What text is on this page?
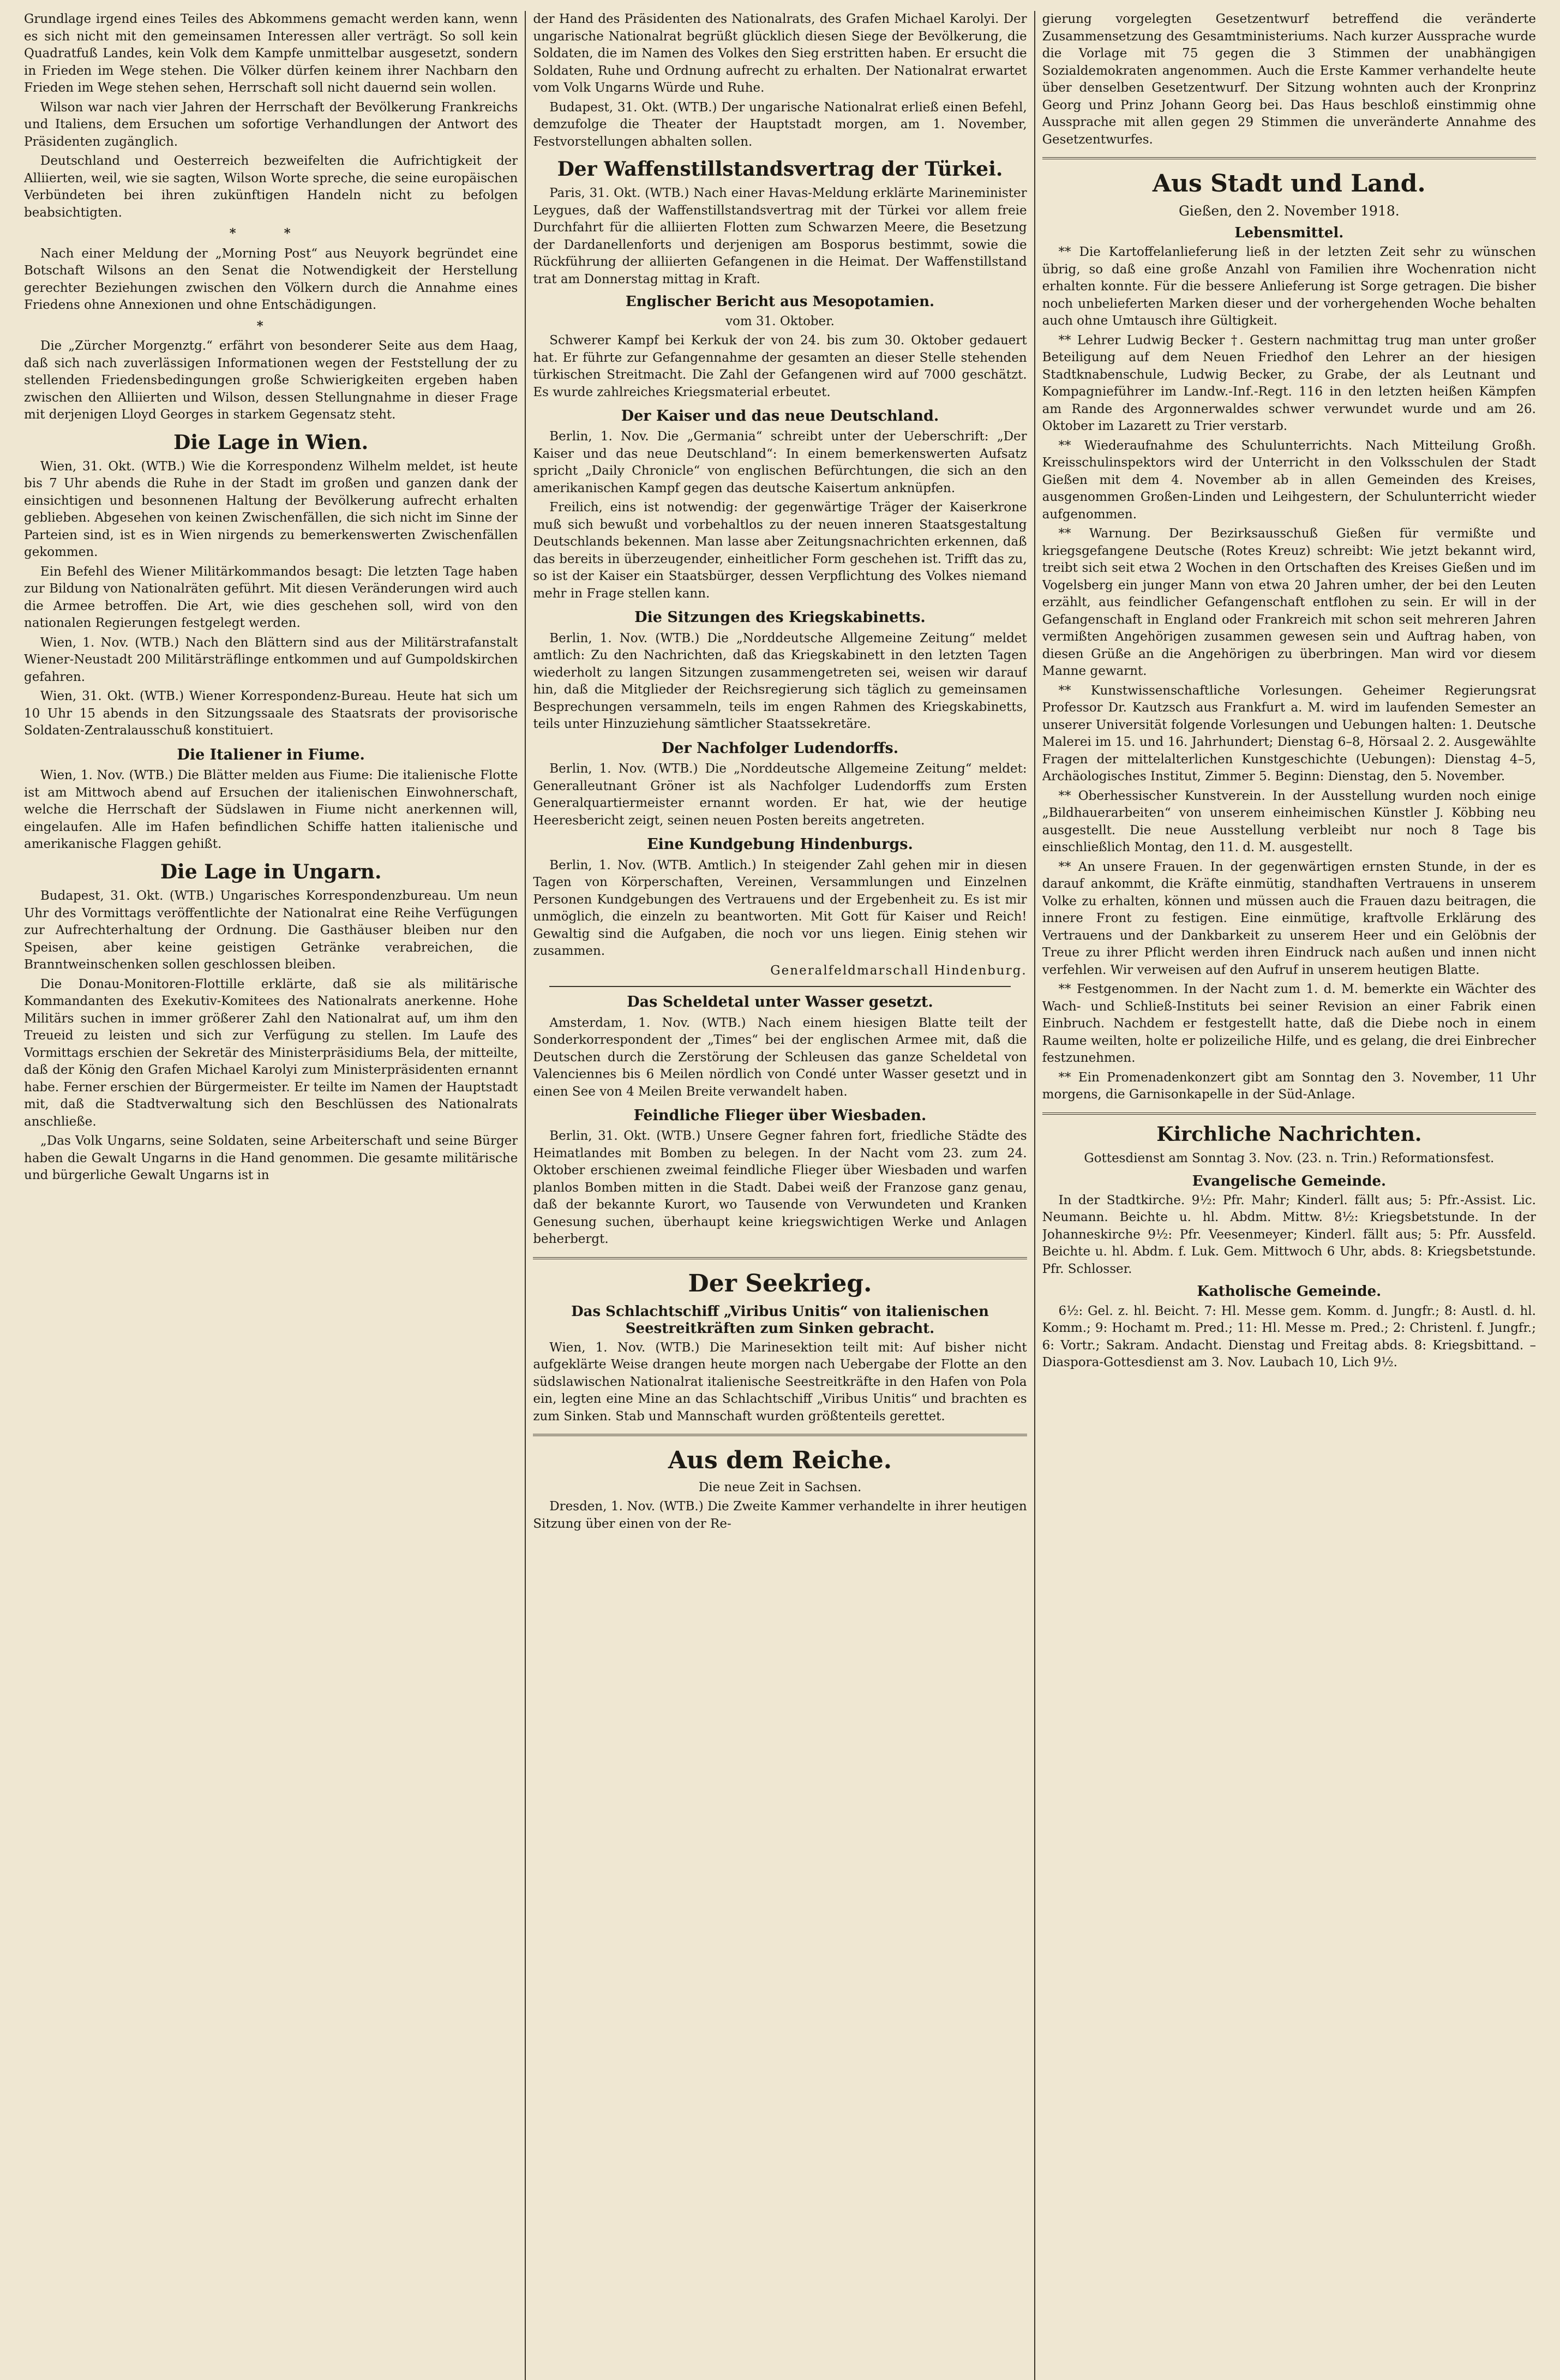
Grundlage irgend eines Teiles des Abkommens gemacht werden kann, wenn es sich nicht mit den gemeinsamen Interessen aller verträgt. So soll kein Quadratfuß Landes, kein Volk dem Kampfe unmittelbar ausgesetzt, sondern in Frieden im Wege stehen. Die Völker dürfen keinem ihrer Nachbarn den Frieden im Wege stehen sehen, Herrschaft soll nicht dauernd sein wollen.

Wilson war nach vier Jahren der Herrschaft der Bevölkerung Frankreichs und Italiens, dem Ersuchen um sofortige Verhandlungen der Antwort des Präsidenten zugänglich.

Deutschland und Oesterreich bezweifelten die Aufrichtigkeit der Alliierten, weil, wie sie sagten, Wilson Worte spreche, die seine europäischen Verbündeten bei ihren zukünftigen Handeln nicht zu befolgen beabsichtigten.

* *

Nach einer Meldung der „Morning Post“ aus Neuyork begründet eine Botschaft Wilsons an den Senat die Notwendigkeit der Herstellung gerechter Beziehungen zwischen den Völkern durch die Annahme eines Friedens ohne Annexionen und ohne Entschädigungen.

*

Die „Zürcher Morgenztg.“ erfährt von besonderer Seite aus dem Haag, daß sich nach zuverlässigen Informationen wegen der Feststellung der zu stellenden Friedensbedingungen große Schwierigkeiten ergeben haben zwischen den Alliierten und Wilson, dessen Stellungnahme in dieser Frage mit derjenigen Lloyd Georges in starkem Gegensatz steht.

Die Lage in Wien.

Wien, 31. Okt. (WTB.) Wie die Korrespondenz Wilhelm meldet, ist heute bis 7 Uhr abends die Ruhe in der Stadt im großen und ganzen dank der einsichtigen und besonnenen Haltung der Bevölkerung aufrecht erhalten geblieben. Abgesehen von keinen Zwischenfällen, die sich nicht im Sinne der Parteien sind, ist es in Wien nirgends zu bemerkenswerten Zwischenfällen gekommen.

Ein Befehl des Wiener Militärkommandos besagt: Die letzten Tage haben zur Bildung von Nationalräten geführt. Mit diesen Veränderungen wird auch die Armee betroffen. Die Art, wie dies geschehen soll, wird von den nationalen Regierungen festgelegt werden.

Wien, 1. Nov. (WTB.) Nach den Blättern sind aus der Militärstrafanstalt Wiener-Neustadt 200 Militärsträflinge entkommen und auf Gumpoldskirchen gefahren.

Wien, 31. Okt. (WTB.) Wiener Korrespondenz-Bureau. Heute hat sich um 10 Uhr 15 abends in den Sitzungssaale des Staatsrats der provisorische Soldaten-Zentralausschuß konstituiert.

Die Italiener in Fiume.

Wien, 1. Nov. (WTB.) Die Blätter melden aus Fiume: Die italienische Flotte ist am Mittwoch abend auf Ersuchen der italienischen Einwohnerschaft, welche die Herrschaft der Südslawen in Fiume nicht anerkennen will, eingelaufen. Alle im Hafen befindlichen Schiffe hatten italienische und amerikanische Flaggen gehißt.

Die Lage in Ungarn.

Budapest, 31. Okt. (WTB.) Ungarisches Korrespondenzbureau. Um neun Uhr des Vormittags veröffentlichte der Nationalrat eine Reihe Verfügungen zur Aufrechterhaltung der Ordnung. Die Gasthäuser bleiben nur den Speisen, aber keine geistigen Getränke verabreichen, die Branntweinschenken sollen geschlossen bleiben.

Die Donau-Monitoren-Flottille erklärte, daß sie als militärische Kommandanten des Exekutiv-Komitees des Nationalrats anerkenne. Hohe Militärs suchen in immer größerer Zahl den Nationalrat auf, um ihm den Treueid zu leisten und sich zur Verfügung zu stellen. Im Laufe des Vormittags erschien der Sekretär des Ministerpräsidiums Bela, der mitteilte, daß der König den Grafen Michael Karolyi zum Ministerpräsidenten ernannt habe. Ferner erschien der Bürgermeister. Er teilte im Namen der Hauptstadt mit, daß die Stadtverwaltung sich den Beschlüssen des Nationalrats anschließe.

„Das Volk Ungarns, seine Soldaten, seine Arbeiterschaft und seine Bürger haben die Gewalt Ungarns in die Hand genommen. Die gesamte militärische und bürgerliche Gewalt Ungarns ist in

der Hand des Präsidenten des Nationalrats, des Grafen Michael Karolyi. Der ungarische Nationalrat begrüßt glücklich diesen Siege der Bevölkerung, die Soldaten, die im Namen des Volkes den Sieg erstritten haben. Er ersucht die Soldaten, Ruhe und Ordnung aufrecht zu erhalten. Der Nationalrat erwartet vom Volk Ungarns Würde und Ruhe.

Budapest, 31. Okt. (WTB.) Der ungarische Nationalrat erließ einen Befehl, demzufolge die Theater der Hauptstadt morgen, am 1. November, Festvorstellungen abhalten sollen.

Der Waffenstillstandsvertrag der Türkei.

Paris, 31. Okt. (WTB.) Nach einer Havas-Meldung erklärte Marineminister Leygues, daß der Waffenstillstandsvertrag mit der Türkei vor allem freie Durchfahrt für die alliierten Flotten zum Schwarzen Meere, die Besetzung der Dardanellenforts und derjenigen am Bosporus bestimmt, sowie die Rückführung der alliierten Gefangenen in die Heimat. Der Waffenstillstand trat am Donnerstag mittag in Kraft.

Englischer Bericht aus Mesopotamien.

vom 31. Oktober.

Schwerer Kampf bei Kerkuk der von 24. bis zum 30. Oktober gedauert hat. Er führte zur Gefangennahme der gesamten an dieser Stelle stehenden türkischen Streitmacht. Die Zahl der Gefangenen wird auf 7000 geschätzt. Es wurde zahlreiches Kriegsmaterial erbeutet.

Der Kaiser und das neue Deutschland.

Berlin, 1. Nov. Die „Germania“ schreibt unter der Ueberschrift: „Der Kaiser und das neue Deutschland“: In einem bemerkenswerten Aufsatz spricht „Daily Chronicle“ von englischen Befürchtungen, die sich an den amerikanischen Kampf gegen das deutsche Kaisertum anknüpfen.

Freilich, eins ist notwendig: der gegenwärtige Träger der Kaiserkrone muß sich bewußt und vorbehaltlos zu der neuen inneren Staatsgestaltung Deutschlands bekennen. Man lasse aber Zeitungsnachrichten erkennen, daß das bereits in überzeugender, einheitlicher Form geschehen ist. Trifft das zu, so ist der Kaiser ein Staatsbürger, dessen Verpflichtung des Volkes niemand mehr in Frage stellen kann.

Die Sitzungen des Kriegskabinetts.

Berlin, 1. Nov. (WTB.) Die „Norddeutsche Allgemeine Zeitung“ meldet amtlich: Zu den Nachrichten, daß das Kriegskabinett in den letzten Tagen wiederholt zu langen Sitzungen zusammengetreten sei, weisen wir darauf hin, daß die Mitglieder der Reichsregierung sich täglich zu gemeinsamen Besprechungen versammeln, teils im engen Rahmen des Kriegskabinetts, teils unter Hinzuziehung sämtlicher Staatssekretäre.

Der Nachfolger Ludendorffs.

Berlin, 1. Nov. (WTB.) Die „Norddeutsche Allgemeine Zeitung“ meldet: Generalleutnant Gröner ist als Nachfolger Ludendorffs zum Ersten Generalquartiermeister ernannt worden. Er hat, wie der heutige Heeresbericht zeigt, seinen neuen Posten bereits angetreten.

Eine Kundgebung Hindenburgs.

Berlin, 1. Nov. (WTB. Amtlich.) In steigender Zahl gehen mir in diesen Tagen von Körperschaften, Vereinen, Versammlungen und Einzelnen Personen Kundgebungen des Vertrauens und der Ergebenheit zu. Es ist mir unmöglich, die einzeln zu beantworten. Mit Gott für Kaiser und Reich! Gewaltig sind die Aufgaben, die noch vor uns liegen. Einig stehen wir zusammen.

Generalfeldmarschall Hindenburg.
Das Scheldetal unter Wasser gesetzt.

Amsterdam, 1. Nov. (WTB.) Nach einem hiesigen Blatte teilt der Sonderkorrespondent der „Times“ bei der englischen Armee mit, daß die Deutschen durch die Zerstörung der Schleusen das ganze Scheldetal von Valenciennes bis 6 Meilen nördlich von Condé unter Wasser gesetzt und in einen See von 4 Meilen Breite verwandelt haben.

Feindliche Flieger über Wiesbaden.

Berlin, 31. Okt. (WTB.) Unsere Gegner fahren fort, friedliche Städte des Heimatlandes mit Bomben zu belegen. In der Nacht vom 23. zum 24. Oktober erschienen zweimal feindliche Flieger über Wiesbaden und warfen planlos Bomben mitten in die Stadt. Dabei weiß der Franzose ganz genau, daß der bekannte Kurort, wo Tausende von Verwundeten und Kranken Genesung suchen, überhaupt keine kriegswichtigen Werke und Anlagen beherbergt.

Der Seekrieg.
Das Schlachtschiff „Viribus Unitis“ von italienischen Seestreitkräften zum Sinken gebracht.

Wien, 1. Nov. (WTB.) Die Marinesektion teilt mit: Auf bisher nicht aufgeklärte Weise drangen heute morgen nach Uebergabe der Flotte an den südslawischen Nationalrat italienische Seestreitkräfte in den Hafen von Pola ein, legten eine Mine an das Schlachtschiff „Viribus Unitis“ und brachten es zum Sinken. Stab und Mannschaft wurden größtenteils gerettet.

Aus dem Reiche.

Die neue Zeit in Sachsen.

Dresden, 1. Nov. (WTB.) Die Zweite Kammer verhandelte in ihrer heutigen Sitzung über einen von der Re-

gierung vorgelegten Gesetzentwurf betreffend die veränderte Zusammensetzung des Gesamtministeriums. Nach kurzer Aussprache wurde die Vorlage mit 75 gegen die 3 Stimmen der unabhängigen Sozialdemokraten angenommen. Auch die Erste Kammer verhandelte heute über denselben Gesetzentwurf. Der Sitzung wohnten auch der Kronprinz Georg und Prinz Johann Georg bei. Das Haus beschloß einstimmig ohne Aussprache mit allen gegen 29 Stimmen die unveränderte Annahme des Gesetzentwurfes.

Aus Stadt und Land.
Gießen, den 2. November 1918.
Lebensmittel.

** Die Kartoffelanlieferung ließ in der letzten Zeit sehr zu wünschen übrig, so daß eine große Anzahl von Familien ihre Wochenration nicht erhalten konnte. Für die bessere Anlieferung ist Sorge getragen. Die bisher noch unbelieferten Marken dieser und der vorhergehenden Woche behalten auch ohne Umtausch ihre Gültigkeit.

** Lehrer Ludwig Becker †. Gestern nachmittag trug man unter großer Beteiligung auf dem Neuen Friedhof den Lehrer an der hiesigen Stadtknabenschule, Ludwig Becker, zu Grabe, der als Leutnant und Kompagnieführer im Landw.-Inf.-Regt. 116 in den letzten heißen Kämpfen am Rande des Argonnerwaldes schwer verwundet wurde und am 26. Oktober im Lazarett zu Trier verstarb.

** Wiederaufnahme des Schulunterrichts. Nach Mitteilung Großh. Kreisschulinspektors wird der Unterricht in den Volksschulen der Stadt Gießen mit dem 4. November ab in allen Gemeinden des Kreises, ausgenommen Großen-Linden und Leihgestern, der Schulunterricht wieder aufgenommen.

** Warnung. Der Bezirksausschuß Gießen für vermißte und kriegsgefangene Deutsche (Rotes Kreuz) schreibt: Wie jetzt bekannt wird, treibt sich seit etwa 2 Wochen in den Ortschaften des Kreises Gießen und im Vogelsberg ein junger Mann von etwa 20 Jahren umher, der bei den Leuten erzählt, aus feindlicher Gefangenschaft entflohen zu sein. Er will in der Gefangenschaft in England oder Frankreich mit schon seit mehreren Jahren vermißten Angehörigen zusammen gewesen sein und Auftrag haben, von diesen Grüße an die Angehörigen zu überbringen. Man wird vor diesem Manne gewarnt.

** Kunstwissenschaftliche Vorlesungen. Geheimer Regierungsrat Professor Dr. Kautzsch aus Frankfurt a. M. wird im laufenden Semester an unserer Universität folgende Vorlesungen und Uebungen halten: 1. Deutsche Malerei im 15. und 16. Jahrhundert; Dienstag 6–8, Hörsaal 2. 2. Ausgewählte Fragen der mittelalterlichen Kunstgeschichte (Uebungen): Dienstag 4–5, Archäologisches Institut, Zimmer 5. Beginn: Dienstag, den 5. November.

** Oberhessischer Kunstverein. In der Ausstellung wurden noch einige „Bildhauerarbeiten“ von unserem einheimischen Künstler J. Köbbing neu ausgestellt. Die neue Ausstellung verbleibt nur noch 8 Tage bis einschließlich Montag, den 11. d. M. ausgestellt.

** An unsere Frauen. In der gegenwärtigen ernsten Stunde, in der es darauf ankommt, die Kräfte einmütig, standhaften Vertrauens in unserem Volke zu erhalten, können und müssen auch die Frauen dazu beitragen, die innere Front zu festigen. Eine einmütige, kraftvolle Erklärung des Vertrauens und der Dankbarkeit zu unserem Heer und ein Gelöbnis der Treue zu ihrer Pflicht werden ihren Eindruck nach außen und innen nicht verfehlen. Wir verweisen auf den Aufruf in unserem heutigen Blatte.

** Festgenommen. In der Nacht zum 1. d. M. bemerkte ein Wächter des Wach- und Schließ-Instituts bei seiner Revision an einer Fabrik einen Einbruch. Nachdem er festgestellt hatte, daß die Diebe noch in einem Raume weilten, holte er polizeiliche Hilfe, und es gelang, die drei Einbrecher festzunehmen.

** Ein Promenadenkonzert gibt am Sonntag den 3. November, 11 Uhr morgens, die Garnisonkapelle in der Süd-Anlage.

Kirchliche Nachrichten.

Gottesdienst am Sonntag 3. Nov. (23. n. Trin.) Reformationsfest.

Evangelische Gemeinde.

In der Stadtkirche. 9½: Pfr. Mahr; Kinderl. fällt aus; 5: Pfr.-Assist. Lic. Neumann. Beichte u. hl. Abdm. Mittw. 8½: Kriegsbetstunde. In der Johanneskirche 9½: Pfr. Veesenmeyer; Kinderl. fällt aus; 5: Pfr. Aussfeld. Beichte u. hl. Abdm. f. Luk. Gem. Mittwoch 6 Uhr, abds. 8: Kriegsbetstunde. Pfr. Schlosser.

Katholische Gemeinde.

6½: Gel. z. hl. Beicht. 7: Hl. Messe gem. Komm. d. Jungfr.; 8: Austl. d. hl. Komm.; 9: Hochamt m. Pred.; 11: Hl. Messe m. Pred.; 2: Christenl. f. Jungfr.; 6: Vortr.; Sakram. Andacht. Dienstag und Freitag abds. 8: Kriegsbittand. – Diaspora-Gottesdienst am 3. Nov. Laubach 10, Lich 9½.
